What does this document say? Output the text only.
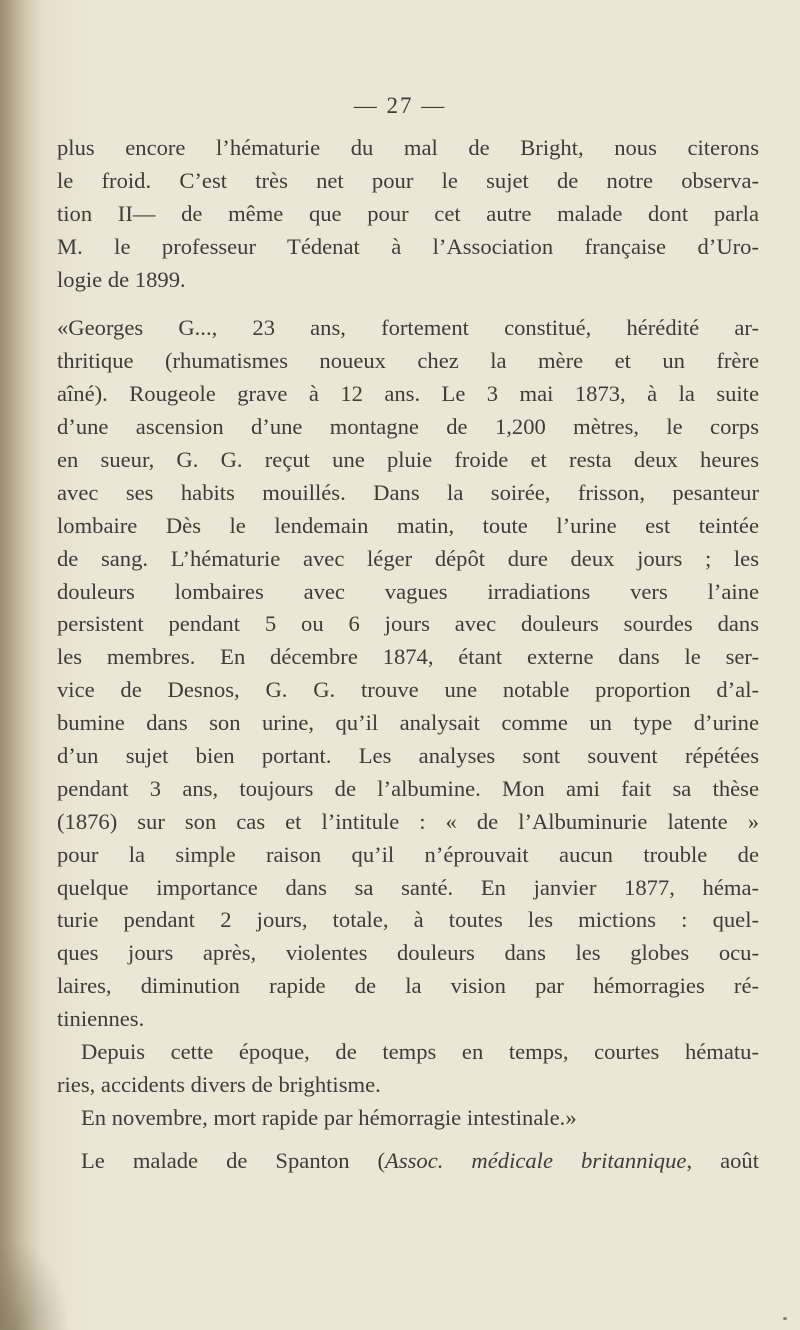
— 27 —
plus encore l’hématurie du mal de Bright, nous citerons
le froid. C’est très net pour le sujet de notre observa-
tion II— de même que pour cet autre malade dont parla
M. le professeur Tédenat à l’Association française d’Uro-
logie de 1899.
«Georges G..., 23 ans, fortement constitué, hérédité ar-
thritique (rhumatismes noueux chez la mère et un frère
aîné). Rougeole grave à 12 ans. Le 3 mai 1873, à la suite
d’une ascension d’une montagne de 1,200 mètres, le corps
en sueur, G. G. reçut une pluie froide et resta deux heures
avec ses habits mouillés. Dans la soirée, frisson, pesanteur
lombaire Dès le lendemain matin, toute l’urine est teintée
de sang. L’hématurie avec léger dépôt dure deux jours ; les
douleurs lombaires avec vagues irradiations vers l’aine
persistent pendant 5 ou 6 jours avec douleurs sourdes dans
les membres. En décembre 1874, étant externe dans le ser-
vice de Desnos, G. G. trouve une notable proportion d’al-
bumine dans son urine, qu’il analysait comme un type d’urine
d’un sujet bien portant. Les analyses sont souvent répétées
pendant 3 ans, toujours de l’albumine. Mon ami fait sa thèse
(1876) sur son cas et l’intitule : « de l’Albuminurie latente »
pour la simple raison qu’il n’éprouvait aucun trouble de
quelque importance dans sa santé. En janvier 1877, héma-
turie pendant 2 jours, totale, à toutes les mictions : quel-
ques jours après, violentes douleurs dans les globes ocu-
laires, diminution rapide de la vision par hémorragies ré-
tiniennes.
Depuis cette époque, de temps en temps, courtes hématu-
ries, accidents divers de brightisme.
En novembre, mort rapide par hémorragie intestinale.»
Le malade de Spanton (Assoc. médicale britannique, août
